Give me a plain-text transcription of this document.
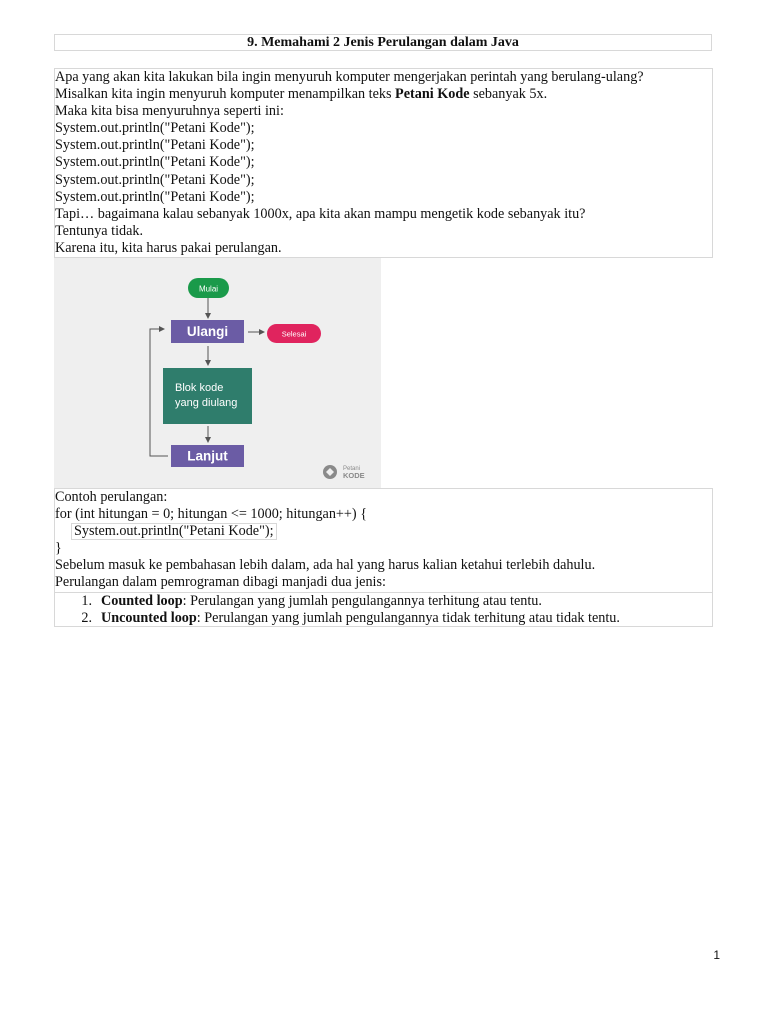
9. Memahami 2 Jenis Perulangan dalam Java
Apa yang akan kita lakukan bila ingin menyuruh komputer mengerjakan perintah yang berulang-ulang?
Misalkan kita ingin menyuruh komputer menampilkan teks Petani Kode sebanyak 5x.
Maka kita bisa menyuruhnya seperti ini:
System.out.println("Petani Kode");
System.out.println("Petani Kode");
System.out.println("Petani Kode");
System.out.println("Petani Kode");
System.out.println("Petani Kode");
Tapi… bagaimana kalau sebanyak 1000x, apa kita akan mampu mengetik kode sebanyak itu?
Tentunya tidak.
Karena itu, kita harus pakai perulangan.
Mulai
Ulangi	Selesai
Blok kode
yang diulang
Lanjut
Petani
KODE
Contoh perulangan:
for (int hitungan = 0; hitungan <= 1000; hitungan++) {
System.out.println("Petani Kode");
}
Sebelum masuk ke pembahasan lebih dalam, ada hal yang harus kalian ketahui terlebih dahulu.
Perulangan dalam pemrograman dibagi manjadi dua jenis:
1. Counted loop: Perulangan yang jumlah pengulangannya terhitung atau tentu.
2. Uncounted loop: Perulangan yang jumlah pengulangannya tidak terhitung atau tidak tentu.
1
